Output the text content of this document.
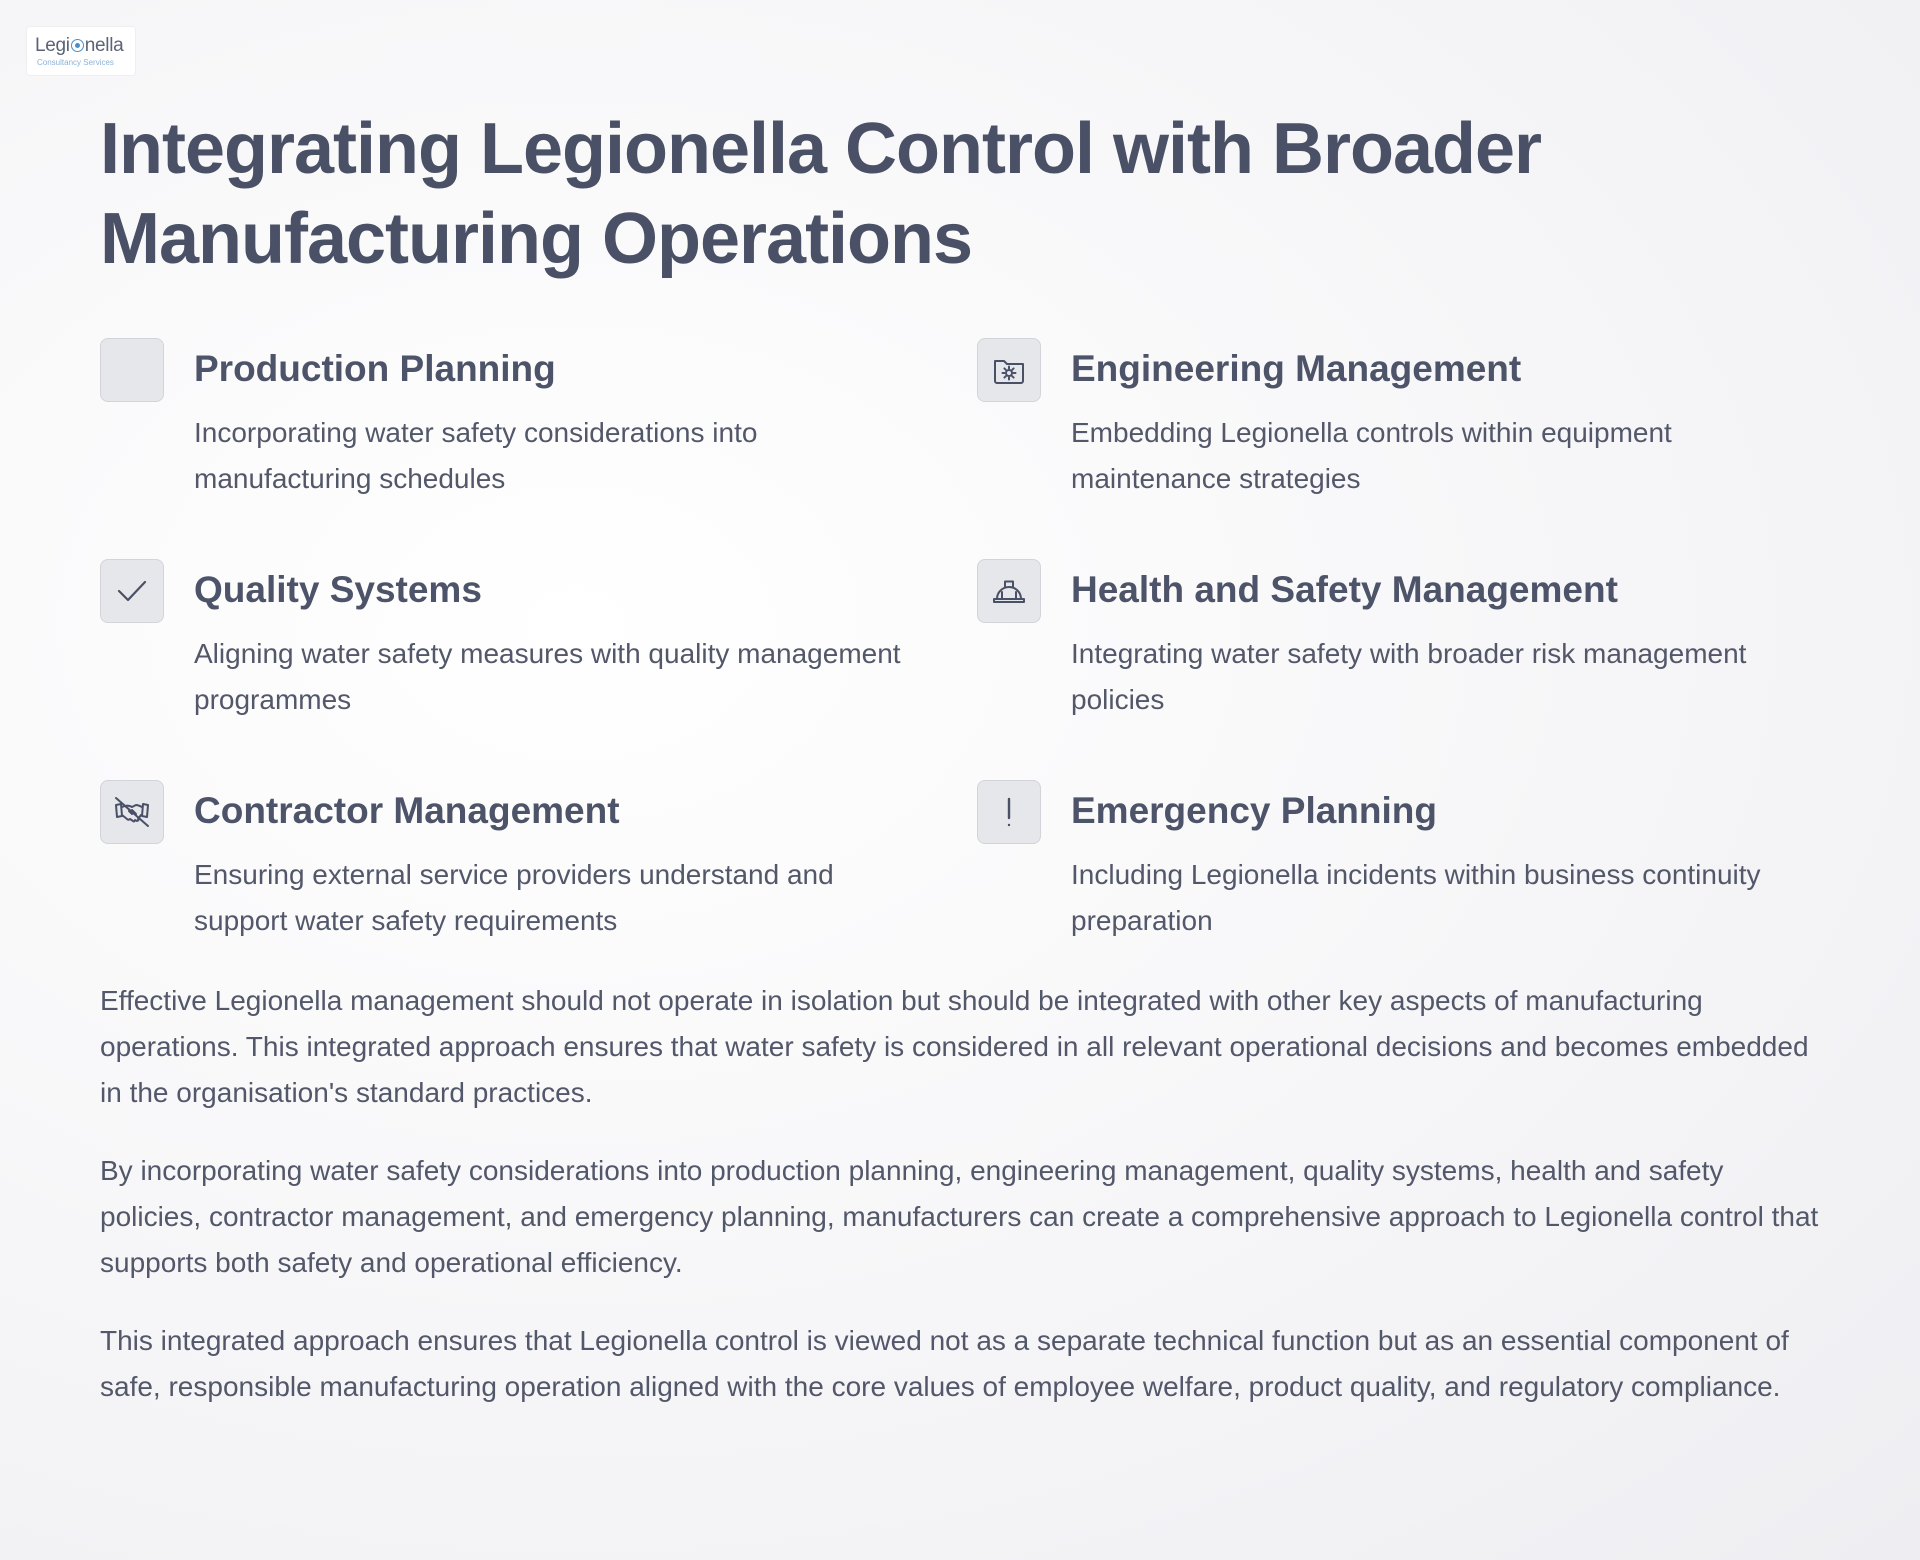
Legi nella
Consultancy Services
Integrating Legionella Control with Broader Manufacturing Operations
Production Planning

Incorporating water safety considerations into manufacturing schedules

Engineering Management

Embedding Legionella controls within equipment maintenance strategies

Quality Systems

Aligning water safety measures with quality management programmes

Health and Safety Management

Integrating water safety with broader risk management policies

Contractor Management

Ensuring external service providers understand and support water safety requirements

Emergency Planning

Including Legionella incidents within business continuity preparation

Effective Legionella management should not operate in isolation but should be integrated with other key aspects of manufacturing operations. This integrated approach ensures that water safety is considered in all relevant operational decisions and becomes embedded in the organisation's standard practices.

By incorporating water safety considerations into production planning, engineering management, quality systems, health and safety policies, contractor management, and emergency planning, manufacturers can create a comprehensive approach to Legionella control that supports both safety and operational efficiency.

This integrated approach ensures that Legionella control is viewed not as a separate technical function but as an essential component of safe, responsible manufacturing operation aligned with the core values of employee welfare, product quality, and regulatory compliance.
